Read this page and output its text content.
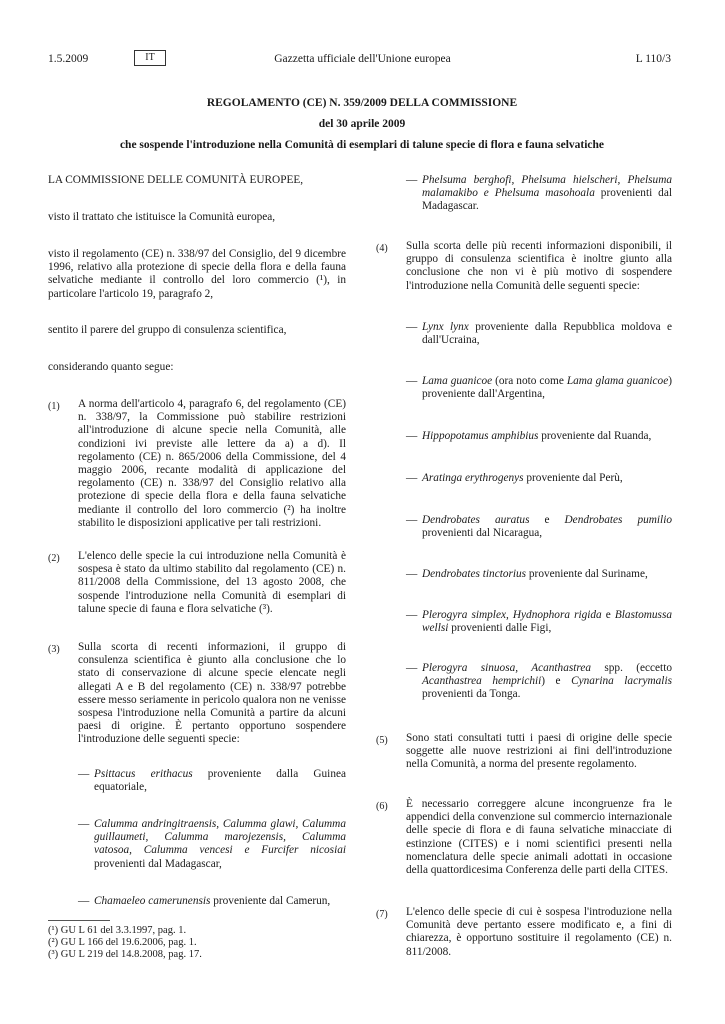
1.5.2009	IT	Gazzetta ufficiale dell'Unione europea	L 110/3
REGOLAMENTO (CE) N. 359/2009 DELLA COMMISSIONE
del 30 aprile 2009
che sospende l'introduzione nella Comunità di esemplari di talune specie di flora e fauna selvatiche

LA COMMISSIONE DELLE COMUNITÀ EUROPEE,

visto il trattato che istituisce la Comunità europea,

visto il regolamento (CE) n. 338/97 del Consiglio, del 9 dicembre 1996, relativo alla protezione di specie della flora e della fauna selvatiche mediante il controllo del loro commercio (¹), in particolare l'articolo 19, paragrafo 2,

sentito il parere del gruppo di consulenza scientifica,

considerando quanto segue:

(1) A norma dell'articolo 4, paragrafo 6, del regolamento (CE) n. 338/97, la Commissione può stabilire restrizioni all'introduzione di alcune specie nella Comunità, alle condizioni ivi previste alle lettere da a) a d). Il regolamento (CE) n. 865/2006 della Commissione, del 4 maggio 2006, recante modalità di applicazione del regolamento (CE) n. 338/97 del Consiglio relativo alla protezione di specie della flora e della fauna selvatiche mediante il controllo del loro commercio (²) ha inoltre stabilito le disposizioni applicative per tali restrizioni.

(2) L'elenco delle specie la cui introduzione nella Comunità è sospesa è stato da ultimo stabilito dal regolamento (CE) n. 811/2008 della Commissione, del 13 agosto 2008, che sospende l'introduzione nella Comunità di esemplari di talune specie di fauna e flora selvatiche (³).

(3) Sulla scorta di recenti informazioni, il gruppo di consulenza scientifica è giunto alla conclusione che lo stato di conservazione di alcune specie elencate negli allegati A e B del regolamento (CE) n. 338/97 potrebbe essere messo seriamente in pericolo qualora non ne venisse sospesa l'introduzione nella Comunità a partire da alcuni paesi di origine. È pertanto opportuno sospendere l'introduzione delle seguenti specie:

— Psittacus erithacus proveniente dalla Guinea equatoriale,

— Calumma andringitraensis, Calumma glawi, Calumma guillaumeti, Calumma marojezensis, Calumma vatosoa, Calumma vencesi e Furcifer nicosiai provenienti dal Madagascar,

— Chamaeleo camerunensis proveniente dal Camerun,

(¹) GU L 61 del 3.3.1997, pag. 1.
(²) GU L 166 del 19.6.2006, pag. 1.
(³) GU L 219 del 14.8.2008, pag. 17.
— Phelsuma berghofi, Phelsuma hielscheri, Phelsuma malamakibo e Phelsuma masohoala provenienti dal Madagascar.

(4) Sulla scorta delle più recenti informazioni disponibili, il gruppo di consulenza scientifica è inoltre giunto alla conclusione che non vi è più motivo di sospendere l'introduzione nella Comunità delle seguenti specie:

— Lynx lynx proveniente dalla Repubblica moldova e dall'Ucraina,

— Lama guanicoe (ora noto come Lama glama guanicoe) proveniente dall'Argentina,

— Hippopotamus amphibius proveniente dal Ruanda,

— Aratinga erythrogenys proveniente dal Perù,

— Dendrobates auratus e Dendrobates pumilio provenienti dal Nicaragua,

— Dendrobates tinctorius proveniente dal Suriname,

— Plerogyra simplex, Hydnophora rigida e Blastomussa wellsi provenienti dalle Figi,

— Plerogyra sinuosa, Acanthastrea spp. (eccetto Acanthastrea hemprichii) e Cynarina lacrymalis provenienti da Tonga.

(5) Sono stati consultati tutti i paesi di origine delle specie soggette alle nuove restrizioni ai fini dell'introduzione nella Comunità, a norma del presente regolamento.

(6) È necessario correggere alcune incongruenze fra le appendici della convenzione sul commercio internazionale delle specie di flora e di fauna selvatiche minacciate di estinzione (CITES) e i nomi scientifici presenti nella nomenclatura delle specie animali adottati in occasione della quattordicesima Conferenza delle parti della CITES.

(7) L'elenco delle specie di cui è sospesa l'introduzione nella Comunità deve pertanto essere modificato e, a fini di chiarezza, è opportuno sostituire il regolamento (CE) n. 811/2008.
